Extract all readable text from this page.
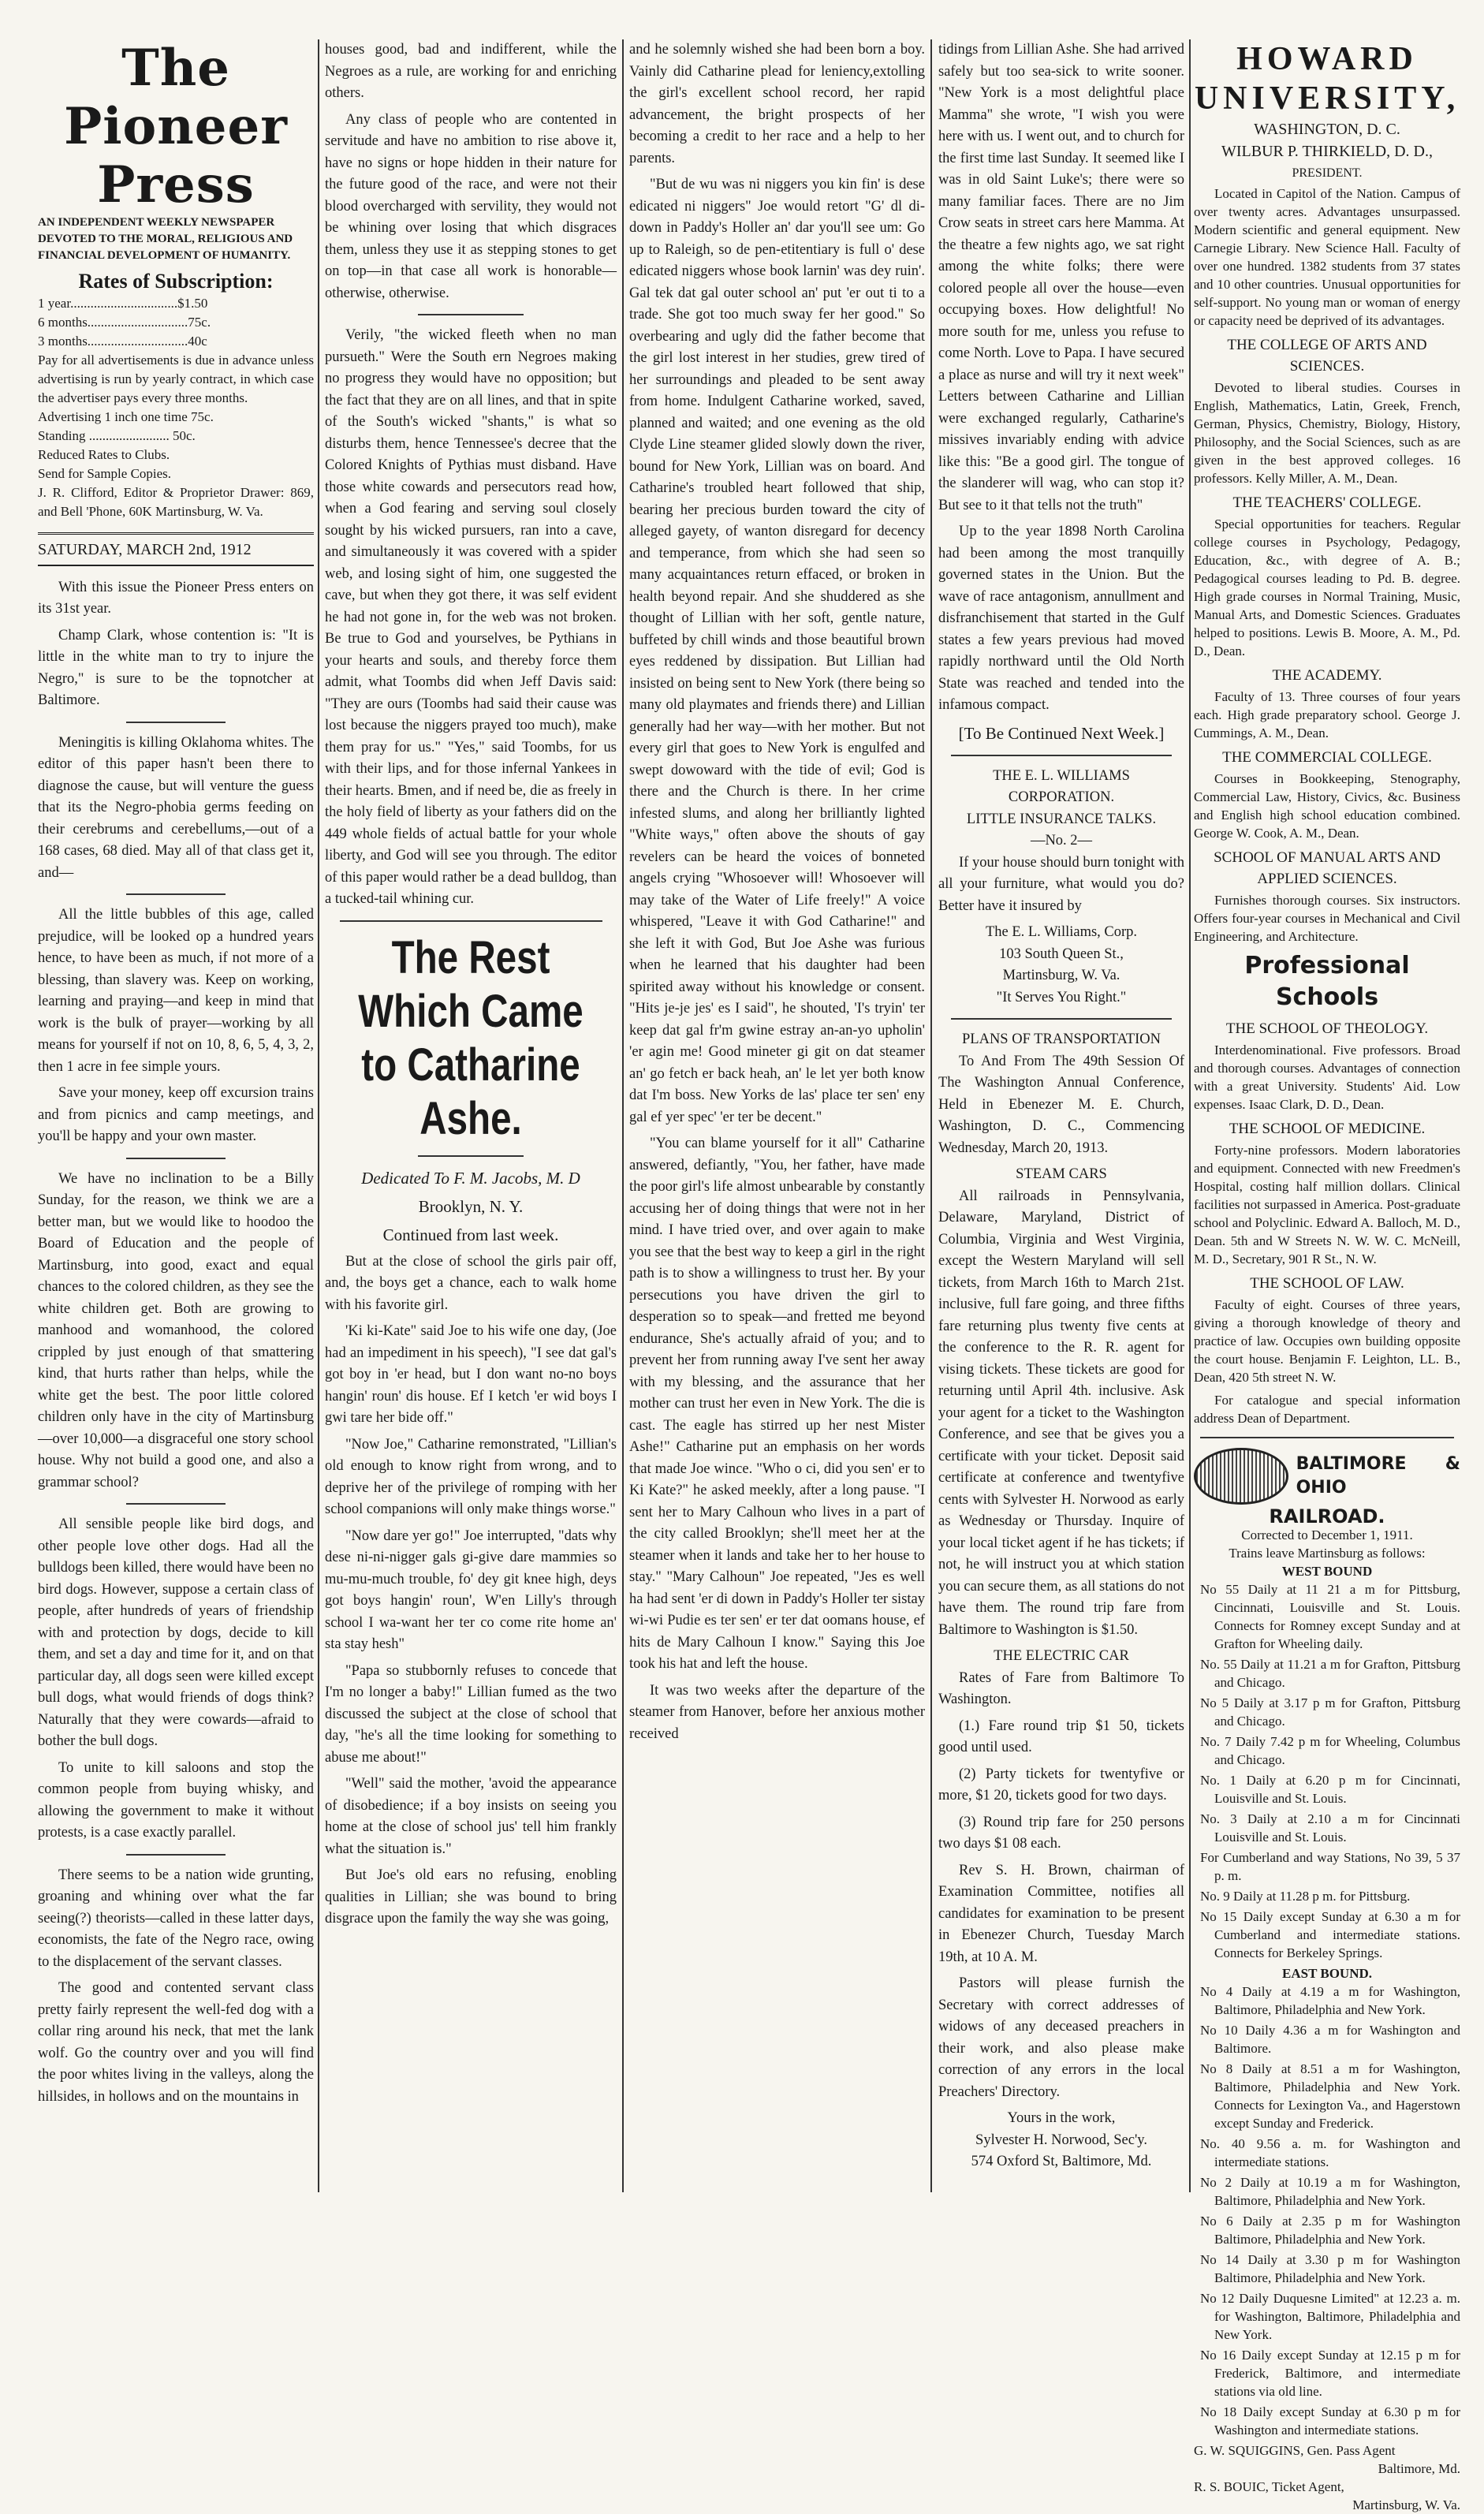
The Pioneer Press
AN INDEPENDENT WEEKLY NEWSPAPER DEVOTED TO THE MORAL, RELIGIOUS AND FINANCIAL DEVELOPMENT OF HUMANITY.
Rates of Subscription:
1 year................................$1.50
6 months..............................75c.
3 months..............................40c
Pay for all advertisements is due in advance unless advertising is run by yearly contract, in which case the advertiser pays every three months.
Advertising 1 inch one time 75c.
Standing ........................ 50c.
Reduced Rates to Clubs.
Send for Sample Copies.
J. R. Clifford, Editor & Proprietor Drawer: 869, and Bell 'Phone, 60K Martinsburg, W. Va.
SATURDAY, MARCH 2nd, 1912

With this issue the Pioneer Press enters on its 31st year.

Champ Clark, whose contention is: "It is little in the white man to try to injure the Negro," is sure to be the topnotcher at Baltimore.

Meningitis is killing Oklahoma whites. The editor of this paper hasn't been there to diagnose the cause, but will venture the guess that its the Negro-phobia germs feeding on their cerebrums and cerebellums,—out of a 168 cases, 68 died. May all of that class get it, and—

All the little bubbles of this age, called prejudice, will be looked op a hundred years hence, to have been as much, if not more of a blessing, than slavery was. Keep on working, learning and praying—and keep in mind that work is the bulk of prayer—working by all means for yourself if not on 10, 8, 6, 5, 4, 3, 2, then 1 acre in fee simple yours.

Save your money, keep off excursion trains and from picnics and camp meetings, and you'll be happy and your own master.

We have no inclination to be a Billy Sunday, for the reason, we think we are a better man, but we would like to hoodoo the Board of Education and the people of Martinsburg, into good, exact and equal chances to the colored children, as they see the white children get. Both are growing to manhood and womanhood, the colored crippled by just enough of that smattering kind, that hurts rather than helps, while the white get the best. The poor little colored children only have in the city of Martinsburg—over 10,000—a disgraceful one story school house. Why not build a good one, and also a grammar school?

All sensible people like bird dogs, and other people love other dogs. Had all the bulldogs been killed, there would have been no bird dogs. However, suppose a certain class of people, after hundreds of years of friendship with and protection by dogs, decide to kill them, and set a day and time for it, and on that particular day, all dogs seen were killed except bull dogs, what would friends of dogs think? Naturally that they were cowards—afraid to bother the bull dogs.

To unite to kill saloons and stop the common people from buying whisky, and allowing the government to make it without protests, is a case exactly parallel.

There seems to be a nation wide grunting, groaning and whining over what the far seeing(?) theorists—called in these latter days, economists, the fate of the Negro race, owing to the displacement of the servant classes.

The good and contented servant class pretty fairly represent the well-fed dog with a collar ring around his neck, that met the lank wolf. Go the country over and you will find the poor whites living in the valleys, along the hillsides, in hollows and on the mountains in

houses good, bad and indifferent, while the Negroes as a rule, are working for and enriching others.

Any class of people who are contented in servitude and have no ambition to rise above it, have no signs or hope hidden in their nature for the future good of the race, and were not their blood overcharged with servility, they would not be whining over losing that which disgraces them, unless they use it as stepping stones to get on top—in that case all work is honorable—otherwise, otherwise.

Verily, "the wicked fleeth when no man pursueth." Were the South ern Negroes making no progress they would have no opposition; but the fact that they are on all lines, and that in spite of the South's wicked "shants," is what so disturbs them, hence Tennessee's decree that the Colored Knights of Pythias must disband. Have those white cowards and persecutors read how, when a God fearing and serving soul closely sought by his wicked pursuers, ran into a cave, and simultaneously it was covered with a spider web, and losing sight of him, one suggested the cave, but when they got there, it was self evident he had not gone in, for the web was not broken. Be true to God and yourselves, be Pythians in your hearts and souls, and thereby force them admit, what Toombs did when Jeff Davis said: "They are ours (Toombs had said their cause was lost because the niggers prayed too much), make them pray for us." "Yes," said Toombs, for us with their lips, and for those infernal Yankees in their hearts. Bmen, and if need be, die as freely in the holy field of liberty as your fathers did on the 449 whole fields of actual battle for your whole liberty, and God will see you through. The editor of this paper would rather be a dead bulldog, than a tucked-tail whining cur.

The Rest Which Came to Catharine Ashe.
Dedicated To F. M. Jacobs, M. D
Brooklyn, N. Y.
Continued from last week.

But at the close of school the girls pair off, and, the boys get a chance, each to walk home with his favorite girl.

'Ki ki-Kate" said Joe to his wife one day, (Joe had an impediment in his speech), "I see dat gal's got boy in 'er head, but I don want no-no boys hangin' roun' dis house. Ef I ketch 'er wid boys I gwi tare her bide off."

"Now Joe," Catharine remonstrated, "Lillian's old enough to know right from wrong, and to deprive her of the privilege of romping with her school companions will only make things worse."

"Now dare yer go!" Joe interrupted, "dats why dese ni-ni-nigger gals gi-give dare mammies so mu-mu-much trouble, fo' dey git knee high, deys got boys hangin' roun', W'en Lilly's through school I wa-want her ter co come rite home an' sta stay hesh"

"Papa so stubbornly refuses to concede that I'm no longer a baby!" Lillian fumed as the two discussed the subject at the close of school that day, "he's all the time looking for something to abuse me about!"

"Well" said the mother, 'avoid the appearance of disobedience; if a boy insists on seeing you home at the close of school jus' tell him frankly what the situation is."

But Joe's old ears no refusing, enobling qualities in Lillian; she was bound to bring disgrace upon the family the way she was going,

and he solemnly wished she had been born a boy. Vainly did Catharine plead for leniency,extolling the girl's excellent school record, her rapid advancement, the bright prospects of her becoming a credit to her race and a help to her parents.

"But de wu was ni niggers you kin fin' is dese edicated ni niggers" Joe would retort "G' dl di-down in Paddy's Holler an' dar you'll see um: Go up to Raleigh, so de pen-etitentiary is full o' dese edicated niggers whose book larnin' was dey ruin'. Gal tek dat gal outer school an' put 'er out ti to a trade. She got too much sway fer her good." So overbearing and ugly did the father become that the girl lost interest in her studies, grew tired of her surroundings and pleaded to be sent away from home. Indulgent Catharine worked, saved, planned and waited; and one evening as the old Clyde Line steamer glided slowly down the river, bound for New York, Lillian was on board. And Catharine's troubled heart followed that ship, bearing her precious burden toward the city of alleged gayety, of wanton disregard for decency and temperance, from which she had seen so many acquaintances return effaced, or broken in health beyond repair. And she shuddered as she thought of Lillian with her soft, gentle nature, buffeted by chill winds and those beautiful brown eyes reddened by dissipation. But Lillian had insisted on being sent to New York (there being so many old playmates and friends there) and Lillian generally had her way—with her mother. But not every girl that goes to New York is engulfed and swept dowoward with the tide of evil; God is there and the Church is there. In her crime infested slums, and along her brilliantly lighted "White ways," often above the shouts of gay revelers can be heard the voices of bonneted angels crying "Whosoever will! Whosoever will may take of the Water of Life freely!" A voice whispered, "Leave it with God Catharine!" and she left it with God, But Joe Ashe was furious when he learned that his daughter had been spirited away without his knowledge or consent. "Hits je-je jes' es I said", he shouted, 'I's tryin' ter keep dat gal fr'm gwine estray an-an-yo upholin' 'er agin me! Good mineter gi git on dat steamer an' go fetch er back heah, an' le let yer both know dat I'm boss. New Yorks de las' place ter sen' eny gal ef yer spec' 'er ter be decent."

"You can blame yourself for it all" Catharine answered, defiantly, "You, her father, have made the poor girl's life almost unbearable by constantly accusing her of doing things that were not in her mind. I have tried over, and over again to make you see that the best way to keep a girl in the right path is to show a willingness to trust her. By your persecutions you have driven the girl to desperation so to speak—and fretted me beyond endurance, She's actually afraid of you; and to prevent her from running away I've sent her away with my blessing, and the assurance that her mother can trust her even in New York. The die is cast. The eagle has stirred up her nest Mister Ashe!" Catharine put an emphasis on her words that made Joe wince. "Who o ci, did you sen' er to Ki Kate?" he asked meekly, after a long pause. "I sent her to Mary Calhoun who lives in a part of the city called Brooklyn; she'll meet her at the steamer when it lands and take her to her house to stay." "Mary Calhoun" Joe repeated, "Jes es well ha had sent 'er di down in Paddy's Holler ter sistay wi-wi Pudie es ter sen' er ter dat oomans house, ef hits de Mary Calhoun I know." Saying this Joe took his hat and left the house.

It was two weeks after the departure of the steamer from Hanover, before her anxious mother received

tidings from Lillian Ashe. She had arrived safely but too sea-sick to write sooner. "New York is a most delightful place Mamma" she wrote, "I wish you were here with us. I went out, and to church for the first time last Sunday. It seemed like I was in old Saint Luke's; there were so many familiar faces. There are no Jim Crow seats in street cars here Mamma. At the theatre a few nights ago, we sat right among the white folks; there were colored people all over the house—even occupying boxes. How delightful! No more south for me, unless you refuse to come North. Love to Papa. I have secured a place as nurse and will try it next week" Letters between Catharine and Lillian were exchanged regularly, Catharine's missives invariably ending with advice like this: "Be a good girl. The tongue of the slanderer will wag, who can stop it? But see to it that tells not the truth"

Up to the year 1898 North Carolina had been among the most tranquilly governed states in the Union. But the wave of race antagonism, annullment and disfranchisement that started in the Gulf states a few years previous had moved rapidly northward until the Old North State was reached and tended into the infamous compact.

[To Be Continued Next Week.]
THE E. L. WILLIAMS CORPORATION.
LITTLE INSURANCE TALKS.
—No. 2—

If your house should burn tonight with all your furniture, what would you do? Better have it insured by

The E. L. Williams, Corp.
103 South Queen St.,
Martinsburg, W. Va.
"It Serves You Right."
PLANS OF TRANSPORTATION

To And From The 49th Session Of The Washington Annual Conference, Held in Ebenezer M. E. Church, Washington, D. C., Commencing Wednesday, March 20, 1913.

STEAM CARS

All railroads in Pennsylvania, Delaware, Maryland, District of Columbia, Virginia and West Virginia, except the Western Maryland will sell tickets, from March 16th to March 21st. inclusive, full fare going, and three fifths fare returning plus twenty five cents at the conference to the R. R. agent for vising tickets. These tickets are good for returning until April 4th. inclusive. Ask your agent for a ticket to the Washington Conference, and see that be gives you a certificate with your ticket. Deposit said certificate at conference and twentyfive cents with Sylvester H. Norwood as early as Wednesday or Thursday. Inquire of your local ticket agent if he has tickets; if not, he will instruct you at which station you can secure them, as all stations do not have them. The round trip fare from Baltimore to Washington is $1.50.

THE ELECTRIC CAR

Rates of Fare from Baltimore To Washington.

(1.) Fare round trip $1 50, tickets good until used.

(2) Party tickets for twentyfive or more, $1 20, tickets good for two days.

(3) Round trip fare for 250 persons two days $1 08 each.

Rev S. H. Brown, chairman of Examination Committee, notifies all candidates for examination to be present in Ebenezer Church, Tuesday March 19th, at 10 A. M.

Pastors will please furnish the Secretary with correct addresses of widows of any deceased preachers in their work, and also please make correction of any errors in the local Preachers' Directory.

Yours in the work,
Sylvester H. Norwood, Sec'y.
574 Oxford St, Baltimore, Md.
HOWARD
UNIVERSITY,
WASHINGTON, D. C.
WILBUR P. THIRKIELD, D. D.,
PRESIDENT.

Located in Capitol of the Nation. Campus of over twenty acres. Advantages unsurpassed. Modern scientific and general equipment. New Carnegie Library. New Science Hall. Faculty of over one hundred. 1382 students from 37 states and 10 other countries. Unusual opportunities for self-support. No young man or woman of energy or capacity need be deprived of its advantages.

THE COLLEGE OF ARTS AND SCIENCES.

Devoted to liberal studies. Courses in English, Mathematics, Latin, Greek, French, German, Physics, Chemistry, Biology, History, Philosophy, and the Social Sciences, such as are given in the best approved colleges. 16 professors. Kelly Miller, A. M., Dean.

THE TEACHERS' COLLEGE.

Special opportunities for teachers. Regular college courses in Psychology, Pedagogy, Education, &c., with degree of A. B.; Pedagogical courses leading to Pd. B. degree. High grade courses in Normal Training, Music, Manual Arts, and Domestic Sciences. Graduates helped to positions. Lewis B. Moore, A. M., Pd. D., Dean.

THE ACADEMY.

Faculty of 13. Three courses of four years each. High grade preparatory school. George J. Cummings, A. M., Dean.

THE COMMERCIAL COLLEGE.

Courses in Bookkeeping, Stenography, Commercial Law, History, Civics, &c. Business and English high school education combined. George W. Cook, A. M., Dean.

SCHOOL OF MANUAL ARTS AND APPLIED SCIENCES.

Furnishes thorough courses. Six instructors. Offers four-year courses in Mechanical and Civil Engineering, and Architecture.

Professional Schools
THE SCHOOL OF THEOLOGY.

Interdenominational. Five professors. Broad and thorough courses. Advantages of connection with a great University. Students' Aid. Low expenses. Isaac Clark, D. D., Dean.

THE SCHOOL OF MEDICINE.

Forty-nine professors. Modern laboratories and equipment. Connected with new Freedmen's Hospital, costing half million dollars. Clinical facilities not surpassed in America. Post-graduate school and Polyclinic. Edward A. Balloch, M. D., Dean. 5th and W Streets N. W. W. C. McNeill, M. D., Secretary, 901 R St., N. W.

THE SCHOOL OF LAW.

Faculty of eight. Courses of three years, giving a thorough knowledge of theory and practice of law. Occupies own building opposite the court house. Benjamin F. Leighton, LL. B., Dean, 420 5th street N. W.

For catalogue and special information address Dean of Department.

BALTIMORE & OHIO
RAILROAD.
Corrected to December 1, 1911.
Trains leave Martinsburg as follows:
WEST BOUND

No 55 Daily at 11 21 a m for Pittsburg, Cincinnati, Louisville and St. Louis. Connects for Romney except Sunday and at Grafton for Wheeling daily.

No. 55 Daily at 11.21 a m for Grafton, Pittsburg and Chicago.

No 5 Daily at 3.17 p m for Grafton, Pittsburg and Chicago.

No. 7 Daily 7.42 p m for Wheeling, Columbus and Chicago.

No. 1 Daily at 6.20 p m for Cincinnati, Louisville and St. Louis.

No. 3 Daily at 2.10 a m for Cincinnati Louisville and St. Louis.

For Cumberland and way Stations, No 39, 5 37 p. m.

No. 9 Daily at 11.28 p m. for Pittsburg.

No 15 Daily except Sunday at 6.30 a m for Cumberland and intermediate stations. Connects for Berkeley Springs.

EAST BOUND.

No 4 Daily at 4.19 a m for Washington, Baltimore, Philadelphia and New York.

No 10 Daily 4.36 a m for Washington and Baltimore.

No 8 Daily at 8.51 a m for Washington, Baltimore, Philadelphia and New York. Connects for Lexington Va., and Hagerstown except Sunday and Frederick.

No. 40 9.56 a. m. for Washington and intermediate stations.

No 2 Daily at 10.19 a m for Washington, Baltimore, Philadelphia and New York.

No 6 Daily at 2.35 p m for Washington Baltimore, Philadelphia and New York.

No 14 Daily at 3.30 p m for Washington Baltimore, Philadelphia and New York.

No 12 Daily Duquesne Limited" at 12.23 a. m. for Washington, Baltimore, Philadelphia and New York.

No 16 Daily except Sunday at 12.15 p m for Frederick, Baltimore, and intermediate stations via old line.

No 18 Daily except Sunday at 6.30 p m for Washington and intermediate stations.

G. W. SQUIGGINS, Gen. Pass Agent
Baltimore, Md.
R. S. BOUIC, Ticket Agent,
Martinsburg, W. Va.
